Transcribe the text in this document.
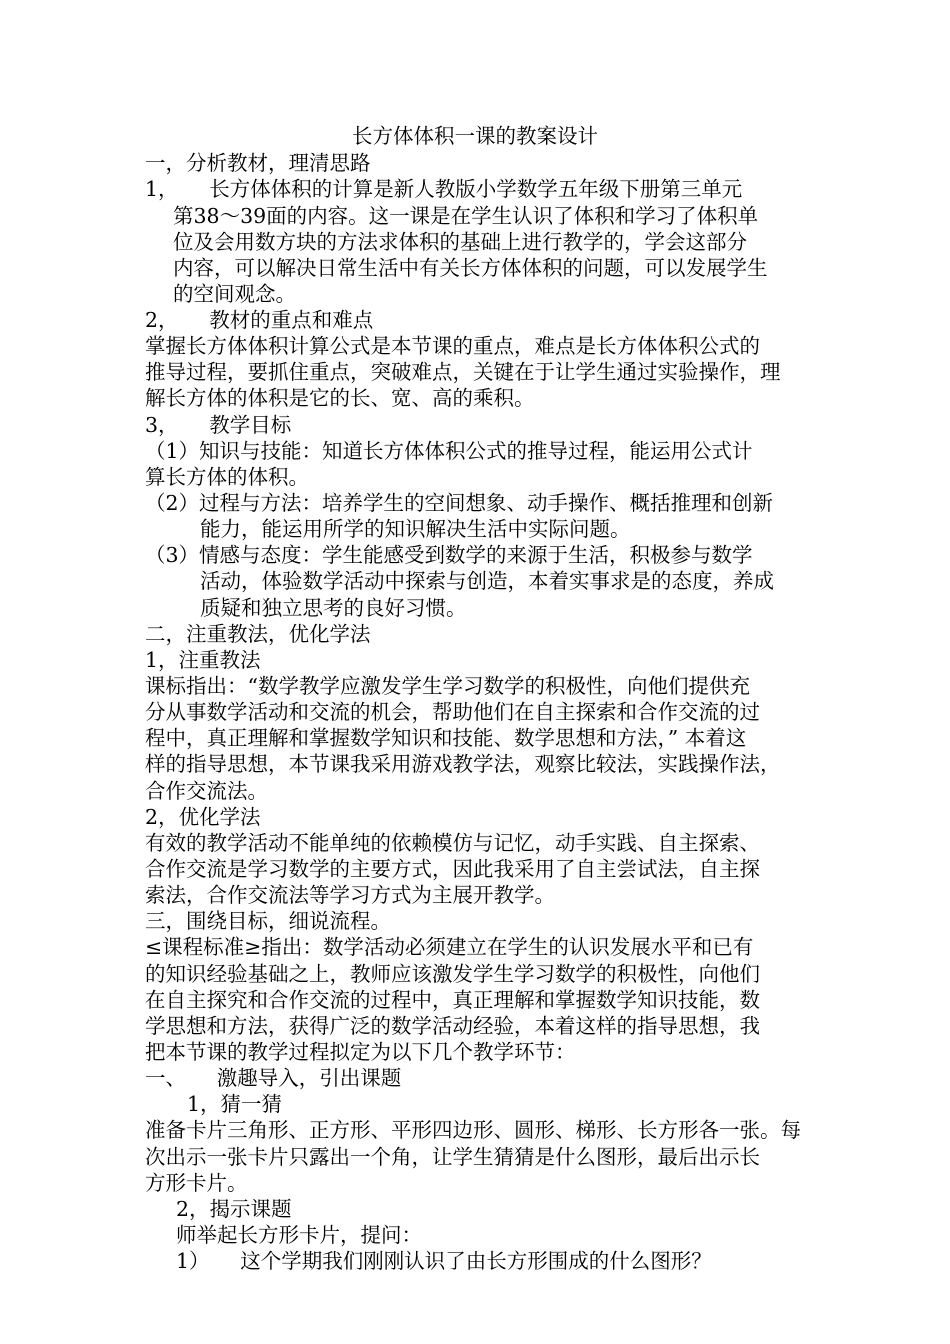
长方体体积一课的教案设计
一，分析教材，理清思路
1，　　长方体体积的计算是新人教版小学数学五年级下册第三单元
第38～39面的内容。这一课是在学生认识了体积和学习了体积单
位及会用数方块的方法求体积的基础上进行教学的，学会这部分
内容，可以解决日常生活中有关长方体体积的问题，可以发展学生
的空间观念。
2，　　教材的重点和难点
掌握长方体体积计算公式是本节课的重点，难点是长方体体积公式的
推导过程，要抓住重点，突破难点，关键在于让学生通过实验操作，理
解长方体的体积是它的长、宽、高的乘积。
3，　　教学目标
（1）知识与技能：知道长方体体积公式的推导过程，能运用公式计
算长方体的体积。
（2）过程与方法：培养学生的空间想象、动手操作、概括推理和创新
能力，能运用所学的知识解决生活中实际问题。
（3）情感与态度：学生能感受到数学的来源于生活，积极参与数学
活动，体验数学活动中探索与创造，本着实事求是的态度，养成
质疑和独立思考的良好习惯。
二，注重教法，优化学法
1，注重教法
课标指出：“数学教学应激发学生学习数学的积极性，向他们提供充
分从事数学活动和交流的机会，帮助他们在自主探索和合作交流的过
程中，真正理解和掌握数学知识和技能、数学思想和方法，” 本着这
样的指导思想，本节课我采用游戏教学法，观察比较法，实践操作法，
合作交流法。
2，优化学法
有效的教学活动不能单纯的依赖模仿与记忆，动手实践、自主探索、
合作交流是学习数学的主要方式，因此我采用了自主尝试法，自主探
索法，合作交流法等学习方式为主展开教学。
三，围绕目标，细说流程。
≤课程标准≥指出：数学活动必须建立在学生的认识发展水平和已有
的知识经验基础之上，教师应该激发学生学习数学的积极性，向他们
在自主探究和合作交流的过程中，真正理解和掌握数学知识技能，数
学思想和方法，获得广泛的数学活动经验，本着这样的指导思想，我
把本节课的教学过程拟定为以下几个教学环节：
一、　　激趣导入，引出课题
1，猜一猜
准备卡片三角形、正方形、平形四边形、圆形、梯形、长方形各一张。每
次出示一张卡片只露出一个角，让学生猜猜是什么图形，最后出示长
方形卡片。
2，揭示课题
师举起长方形卡片，提问：
1）　　这个学期我们刚刚认识了由长方形围成的什么图形？
